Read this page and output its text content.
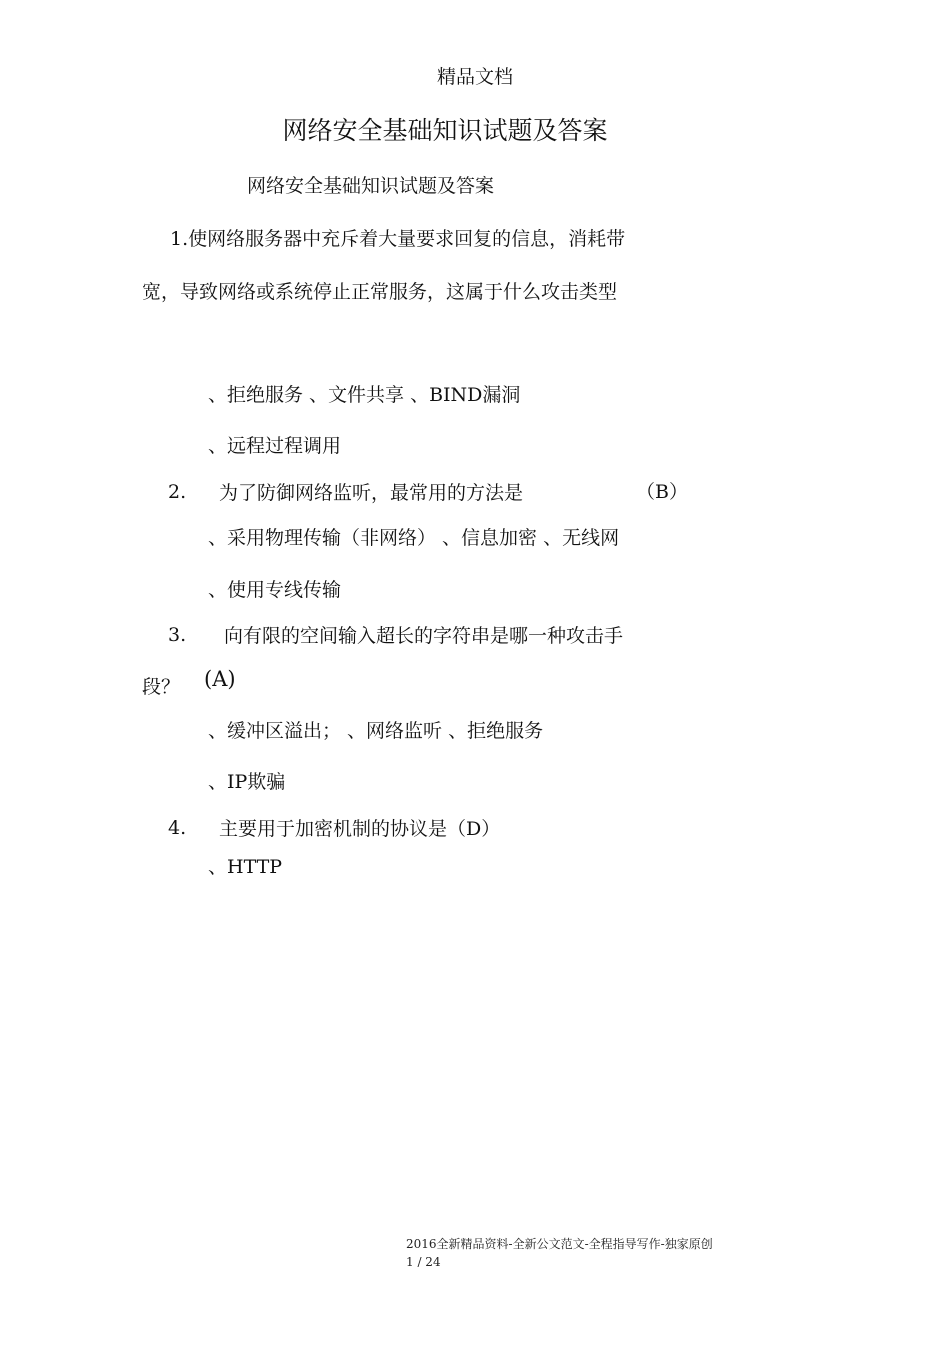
精品文档
网络安全基础知识试题及答案
网络安全基础知识试题及答案
1.使网络服务器中充斥着大量要求回复的信息，消耗带
宽，导致网络或系统停止正常服务，这属于什么攻击类型
、拒绝服务 、文件共享 、BIND漏洞
、远程过程调用
2. 为了防御网络监听，最常用的方法是	（B）
、采用物理传输（非网络） 、信息加密 、无线网
、使用专线传输
3. 向有限的空间输入超长的字符串是哪一种攻击手
段？ (A)
、缓冲区溢出； 、网络监听 、拒绝服务
、IP欺骗
4. 主要用于加密机制的协议是（D）
、HTTP
2016全新精品资料-全新公文范文-全程指导写作-独家原创
1 / 24
